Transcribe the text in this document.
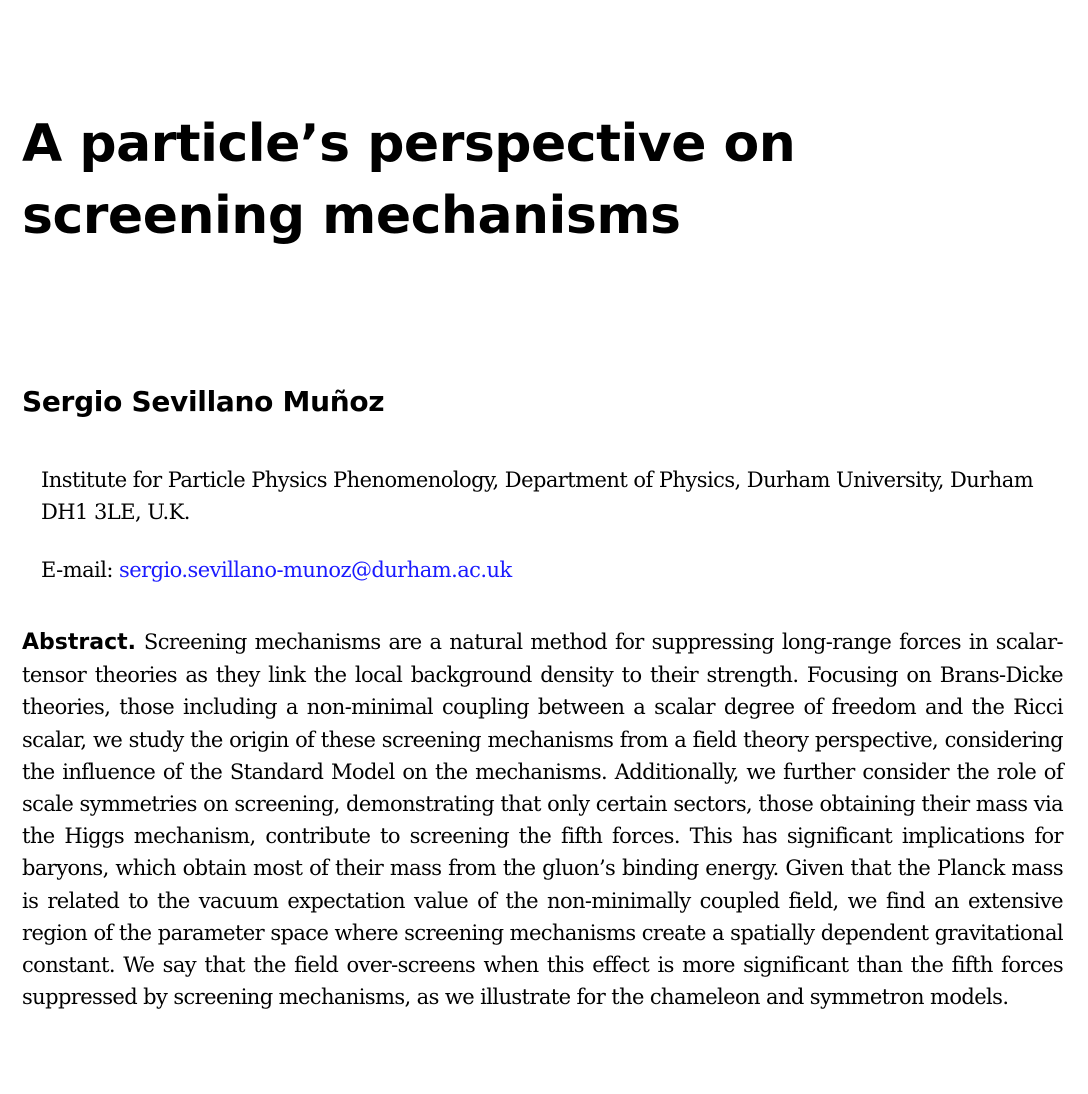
A particle’s perspective on screening mechanisms
Sergio Sevillano Muñoz

Institute for Particle Physics Phenomenology, Department of Physics, Durham University, Durham DH1 3LE, U.K.

E-mail: sergio.sevillano-munoz@durham.ac.uk

Abstract. Screening mechanisms are a natural method for suppressing long-range forces in scalar-tensor theories as they link the local background density to their strength. Focusing on Brans-Dicke theories, those including a non-minimal coupling between a scalar degree of freedom and the Ricci scalar, we study the origin of these screening mechanisms from a field theory perspective, considering the influence of the Standard Model on the mechanisms. Additionally, we further consider the role of scale symmetries on screening, demonstrating that only certain sectors, those obtaining their mass via the Higgs mechanism, contribute to screening the fifth forces. This has significant implications for baryons, which obtain most of their mass from the gluon’s binding energy. Given that the Planck mass is related to the vacuum expectation value of the non-minimally coupled field, we find an extensive region of the parameter space where screening mechanisms create a spatially dependent gravitational constant. We say that the field over-screens when this effect is more significant than the fifth forces suppressed by screening mechanisms, as we illustrate for the chameleon and symmetron models.
